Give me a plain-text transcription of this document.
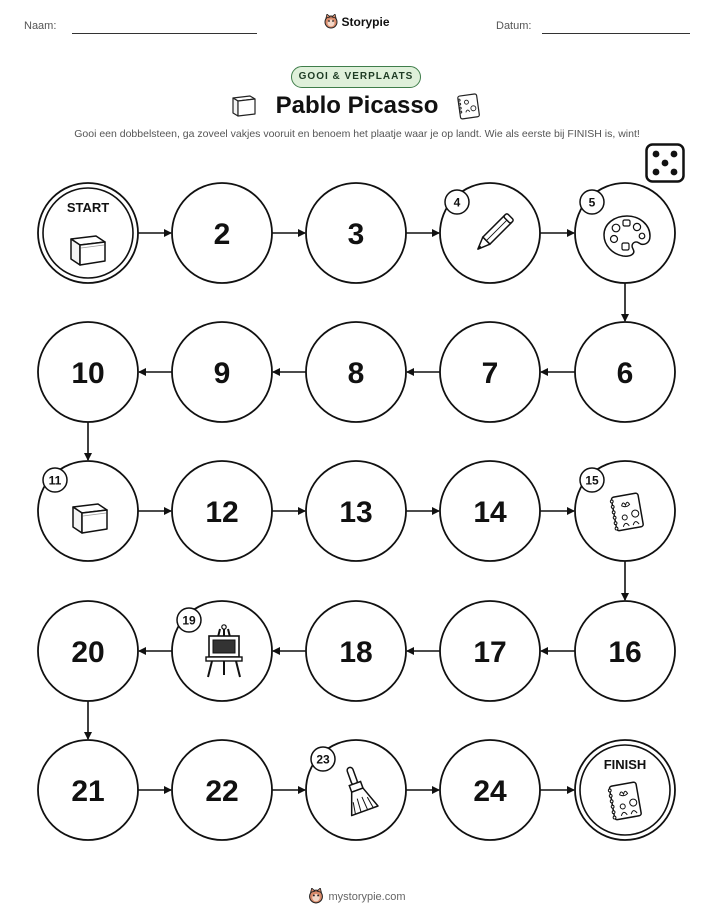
Naam:	Storypie	Datum:
GOOI & VERPLAATS
Pablo Picasso
Gooi een dobbelsteen, ga zoveel vakjes vooruit en benoem het plaatje waar je op landt. Wie als eerste bij FINISH is, wint!
START
2	3
4	5
6
7
8
9
10
11
12	13	14
15
16
17
18
19
20
21	22
23
24
FINISH
mystorypie.com
